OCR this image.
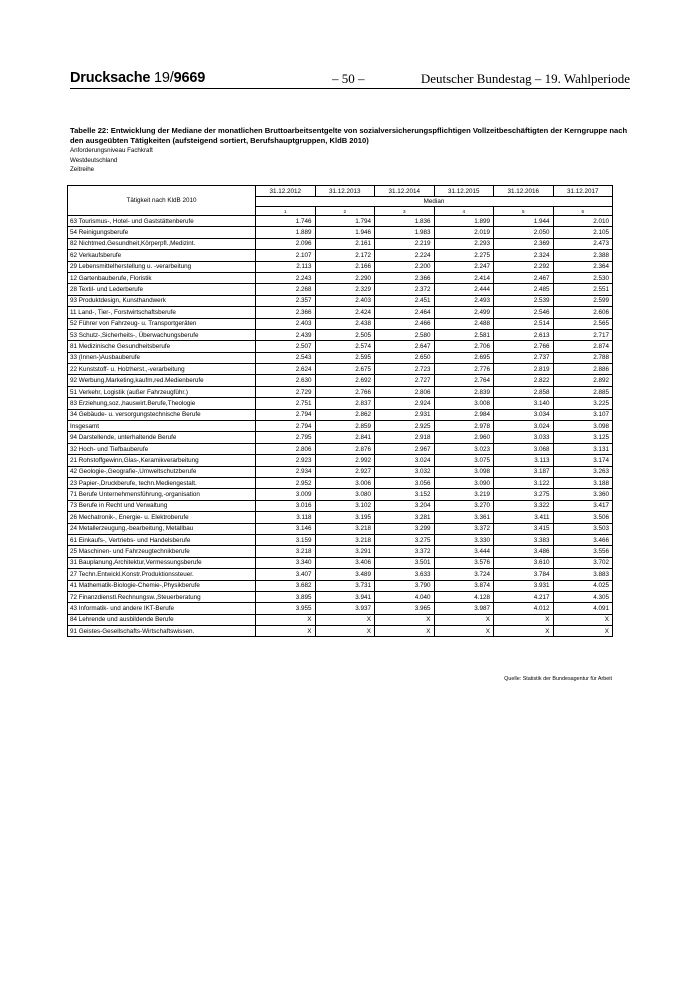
Drucksache 19/9669	– 50 –	Deutscher Bundestag – 19. Wahlperiode

Tabelle 22: Entwicklung der Mediane der monatlichen Bruttoarbeitsentgelte von sozialversicherungspflichtigen Vollzeitbeschäftigten der Kerngruppe nach den ausgeübten Tätigkeiten (aufsteigend sortiert, Berufshauptgruppen, KldB 2010)

Anforderungsniveau Fachkraft

Westdeutschland

Zeitreihe

Tätigkeit nach KldB 2010	31.12.2012	31.12.2013	31.12.2014	31.12.2015	31.12.2016	31.12.2017
	Median					
	1	2	3	4	5	6
63 Tourismus-, Hotel- und Gaststättenberufe	1.746	1.794	1.836	1.899	1.944	2.010
54 Reinigungsberufe	1.889	1.946	1.983	2.019	2.050	2.105
82 Nichtmed.Gesundheit,Körperpfl.,Medizint.	2.096	2.161	2.219	2.293	2.369	2.473
62 Verkaufsberufe	2.107	2.172	2.224	2.275	2.324	2.388
29 Lebensmittelherstellung u. -verarbeitung	2.113	2.166	2.200	2.247	2.292	2.364
12 Gartenbauberufe, Floristik	2.243	2.290	2.366	2.414	2.467	2.530
28 Textil- und Lederberufe	2.268	2.329	2.372	2.444	2.485	2.551
93 Produktdesign, Kunsthandwerk	2.357	2.403	2.451	2.493	2.539	2.599
11 Land-, Tier-, Forstwirtschaftsberufe	2.366	2.424	2.464	2.499	2.546	2.606
52 Führer von Fahrzeug- u. Transportgeräten	2.403	2.438	2.466	2.488	2.514	2.565
53 Schutz-,Sicherheits-, Überwachungsberufe	2.439	2.505	2.580	2.581	2.613	2.717
81 Medizinische Gesundheitsberufe	2.507	2.574	2.647	2.706	2.766	2.874
33 (Innen-)Ausbauberufe	2.543	2.595	2.650	2.695	2.737	2.788
22 Kunststoff- u. Holzherst.,-verarbeitung	2.624	2.675	2.723	2.776	2.819	2.886
92 Werbung,Marketing,kaufm,red.Medienberufe	2.630	2.692	2.727	2.764	2.822	2.892
51 Verkehr, Logistik (außer Fahrzeugführ.)	2.729	2.766	2.806	2.839	2.858	2.885
83 Erziehung,soz.,hauswirt.Berufe,Theologie	2.751	2.837	2.924	3.008	3.140	3.225
34 Gebäude- u. versorgungstechnische Berufe	2.794	2.862	2.931	2.984	3.034	3.107
Insgesamt	2.794	2.859	2.925	2.978	3.024	3.098
94 Darstellende, unterhaltende Berufe	2.795	2.841	2.918	2.960	3.033	3.125
32 Hoch- und Tiefbauberufe	2.806	2.876	2.967	3.023	3.068	3.131
21 Rohstoffgewinn,Glas-,Keramikverarbeitung	2.923	2.992	3.024	3.075	3.113	3.174
42 Geologie-,Geografie-,Umweltschutzberufe	2.934	2.927	3.032	3.098	3.187	3.263
23 Papier-,Druckberufe, techn.Mediengestalt.	2.952	3.006	3.056	3.090	3.122	3.188
71 Berufe Unternehmensführung,-organisation	3.009	3.080	3.152	3.219	3.275	3.360
73 Berufe in Recht und Verwaltung	3.016	3.102	3.204	3.270	3.322	3.417
26 Mechatronik-, Energie- u. Elektroberufe	3.118	3.195	3.281	3.361	3.411	3.506
24 Metallerzeugung,-bearbeitung, Metallbau	3.146	3.218	3.299	3.372	3.415	3.503
61 Einkaufs-, Vertriebs- und Handelsberufe	3.159	3.218	3.275	3.330	3.383	3.466
25 Maschinen- und Fahrzeugtechnikberufe	3.218	3.291	3.372	3.444	3.486	3.556
31 Bauplanung,Architektur,Vermessungsberufe	3.340	3.406	3.501	3.576	3.610	3.702
27 Techn.Entwickl.Konstr.Produktionssteuer.	3.407	3.489	3.633	3.724	3.784	3.883
41 Mathematik-Biologie-Chemie-,Physikberufe	3.682	3.731	3.790	3.874	3.931	4.025
72 Finanzdienstl.Rechnungsw.,Steuerberatung	3.895	3.941	4.040	4.128	4.217	4.305
43 Informatik- und andere IKT-Berufe	3.955	3.937	3.965	3.987	4.012	4.091
84 Lehrende und ausbildende Berufe	X	X	X	X	X	X
91 Geistes-Gesellschafts-Wirtschaftswissen.	X	X	X	X	X	X
Quelle: Statistik der Bundesagentur für Arbeit
